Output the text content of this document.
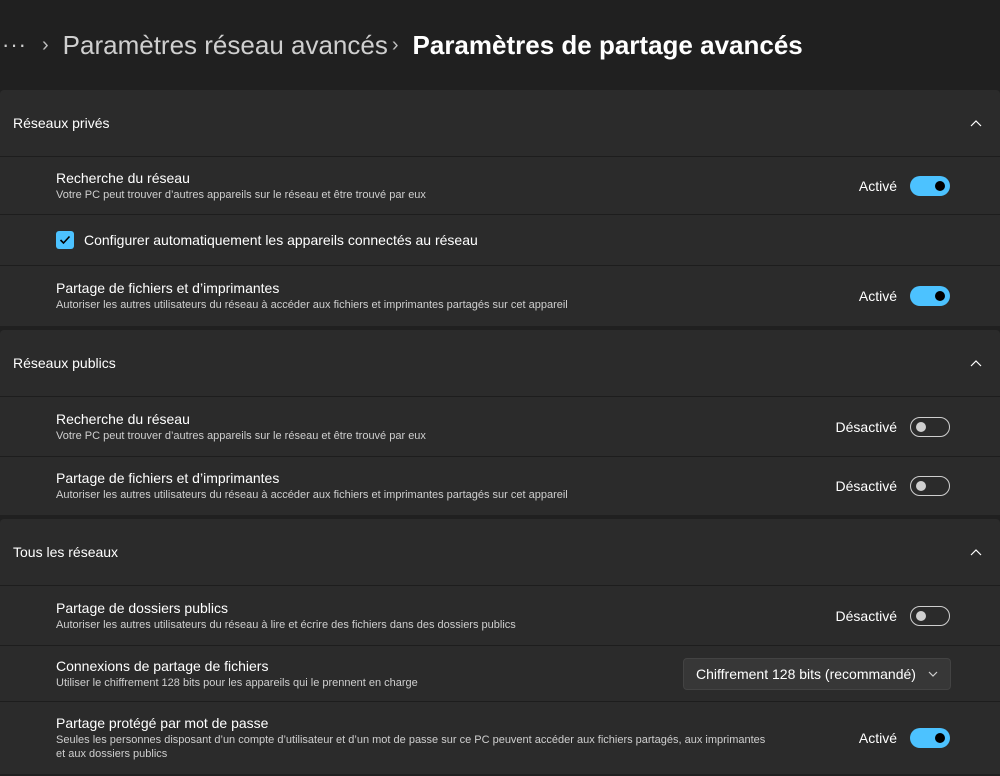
··· › Paramètres réseau avancés › Paramètres de partage avancés
Réseaux privés
Recherche du réseau
Votre PC peut trouver d’autres appareils sur le réseau et être trouvé par eux
Activé
Configurer automatiquement les appareils connectés au réseau
Partage de fichiers et d’imprimantes
Autoriser les autres utilisateurs du réseau à accéder aux fichiers et imprimantes partagés sur cet appareil
Activé
Réseaux publics
Recherche du réseau
Votre PC peut trouver d’autres appareils sur le réseau et être trouvé par eux
Désactivé
Partage de fichiers et d’imprimantes
Autoriser les autres utilisateurs du réseau à accéder aux fichiers et imprimantes partagés sur cet appareil
Désactivé
Tous les réseaux
Partage de dossiers publics
Autoriser les autres utilisateurs du réseau à lire et écrire des fichiers dans des dossiers publics
Désactivé
Connexions de partage de fichiers
Utiliser le chiffrement 128 bits pour les appareils qui le prennent en charge
Chiffrement 128 bits (recommandé)
Partage protégé par mot de passe
Seules les personnes disposant d’un compte d’utilisateur et d’un mot de passe sur ce PC peuvent accéder aux fichiers partagés, aux imprimantes et aux dossiers publics
Activé
